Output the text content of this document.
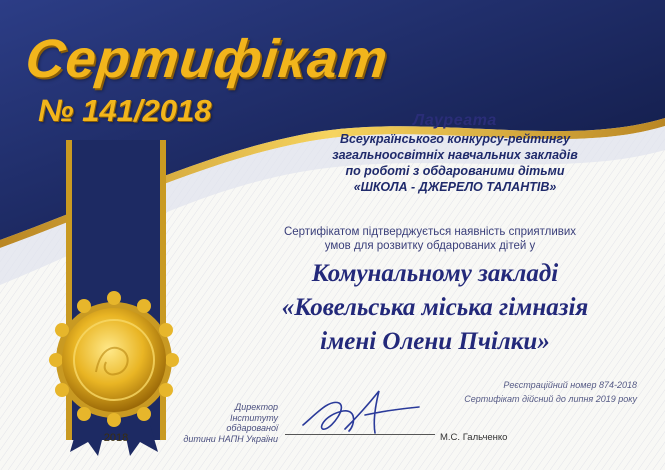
Сертифікат
№ 141/2018	Лауреата
Всеукраїнського конкурсу-рейтингу
загальноосвітніх навчальних закладів
по роботі з обдарованими дітьми
«ШКОЛА - ДЖЕРЕЛО ТАЛАНТІВ»
Сертифікатом підтверджується наявність сприятливих
умов для розвитку обдарованих дітей у
Комунальному закладі
«Ковельська міська гімназія
імені Олени Пчілки»
Реєстраційний номер 874-2018
Сертифікат дійсний до липня 2019 року
Директор
Інституту обдарованої
дитини НАПН України	М.С. Гальченко
2018
